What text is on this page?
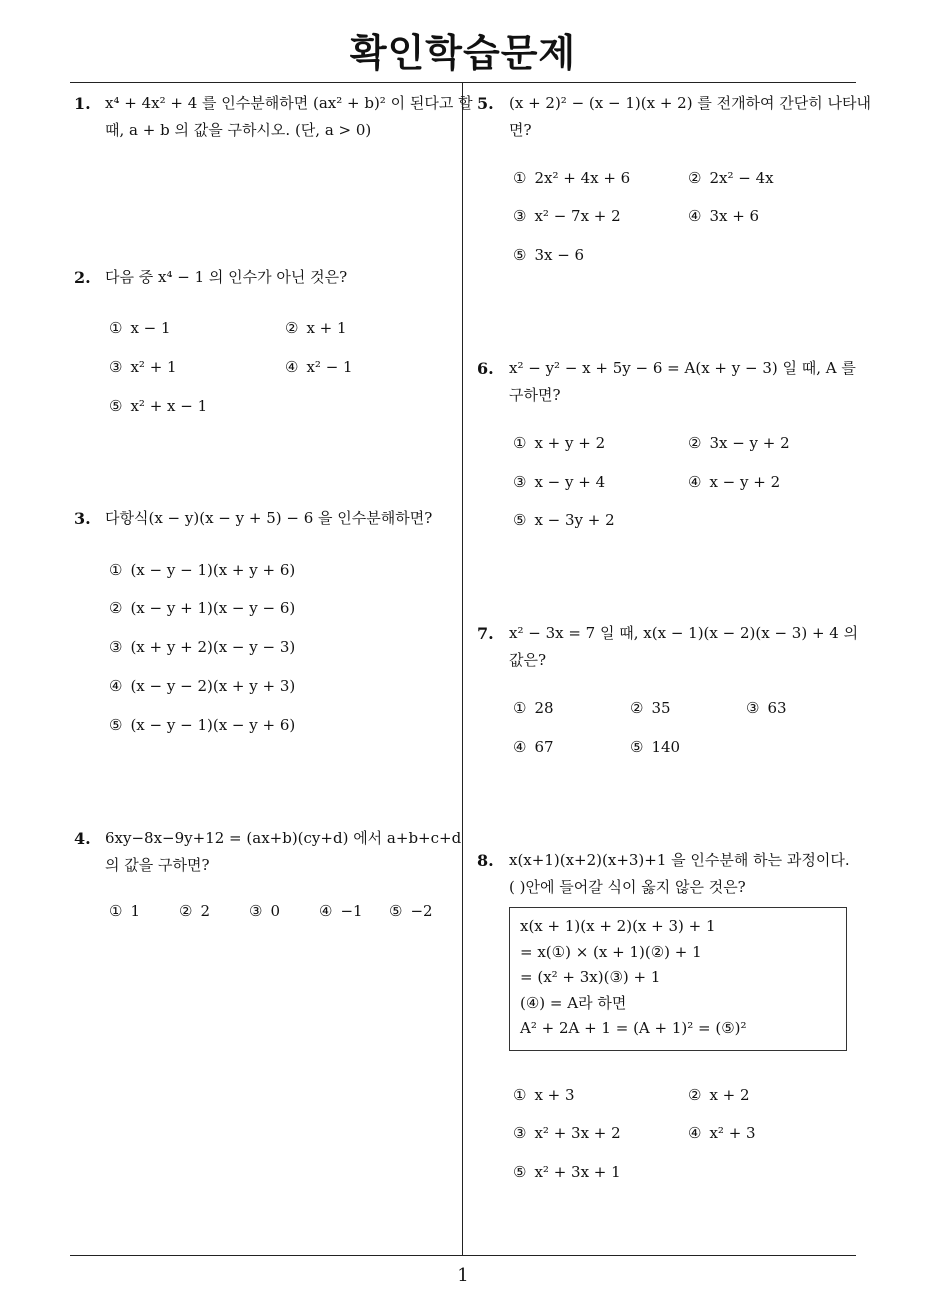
확인학습문제
1. x⁴ + 4x² + 4 를 인수분해하면 (ax² + b)² 이 된다고 할
때, a + b 의 값을 구하시오. (단, a > 0)
2. 다음 중 x⁴ − 1 의 인수가 아닌 것은?
① x − 1	② x + 1
③ x² + 1	④ x² − 1
⑤ x² + x − 1
3. 다항식(x − y)(x − y + 5) − 6 을 인수분해하면?
① (x − y − 1)(x + y + 6)
② (x − y + 1)(x − y − 6)
③ (x + y + 2)(x − y − 3)
④ (x − y − 2)(x + y + 3)
⑤ (x − y − 1)(x − y + 6)
4. 6xy−8x−9y+12 = (ax+b)(cy+d) 에서 a+b+c+d
의 값을 구하면?
① 1	② 2	③ 0	④ −1 ⑤ −2
5. (x + 2)² − (x − 1)(x + 2) 를 전개하여 간단히 나타내
면?
① 2x² + 4x + 6	② 2x² − 4x
③ x² − 7x + 2	④ 3x + 6
⑤ 3x − 6
6. x² − y² − x + 5y − 6 = A(x + y − 3) 일 때, A 를
구하면?
① x + y + 2	② 3x − y + 2
③ x − y + 4	④ x − y + 2
⑤ x − 3y + 2
7. x² − 3x = 7 일 때, x(x − 1)(x − 2)(x − 3) + 4 의
값은?
① 28	② 35	③ 63
④ 67	⑤ 140
8. x(x+1)(x+2)(x+3)+1 을 인수분해 하는 과정이다.
( )안에 들어갈 식이 옳지 않은 것은?
x(x + 1)(x + 2)(x + 3) + 1
= x(①) × (x + 1)(②) + 1
= (x² + 3x)(③) + 1
(④) = A라 하면
A² + 2A + 1 = (A + 1)² = (⑤)²
① x + 3	② x + 2
③ x² + 3x + 2	④ x² + 3
⑤ x² + 3x + 1
1
